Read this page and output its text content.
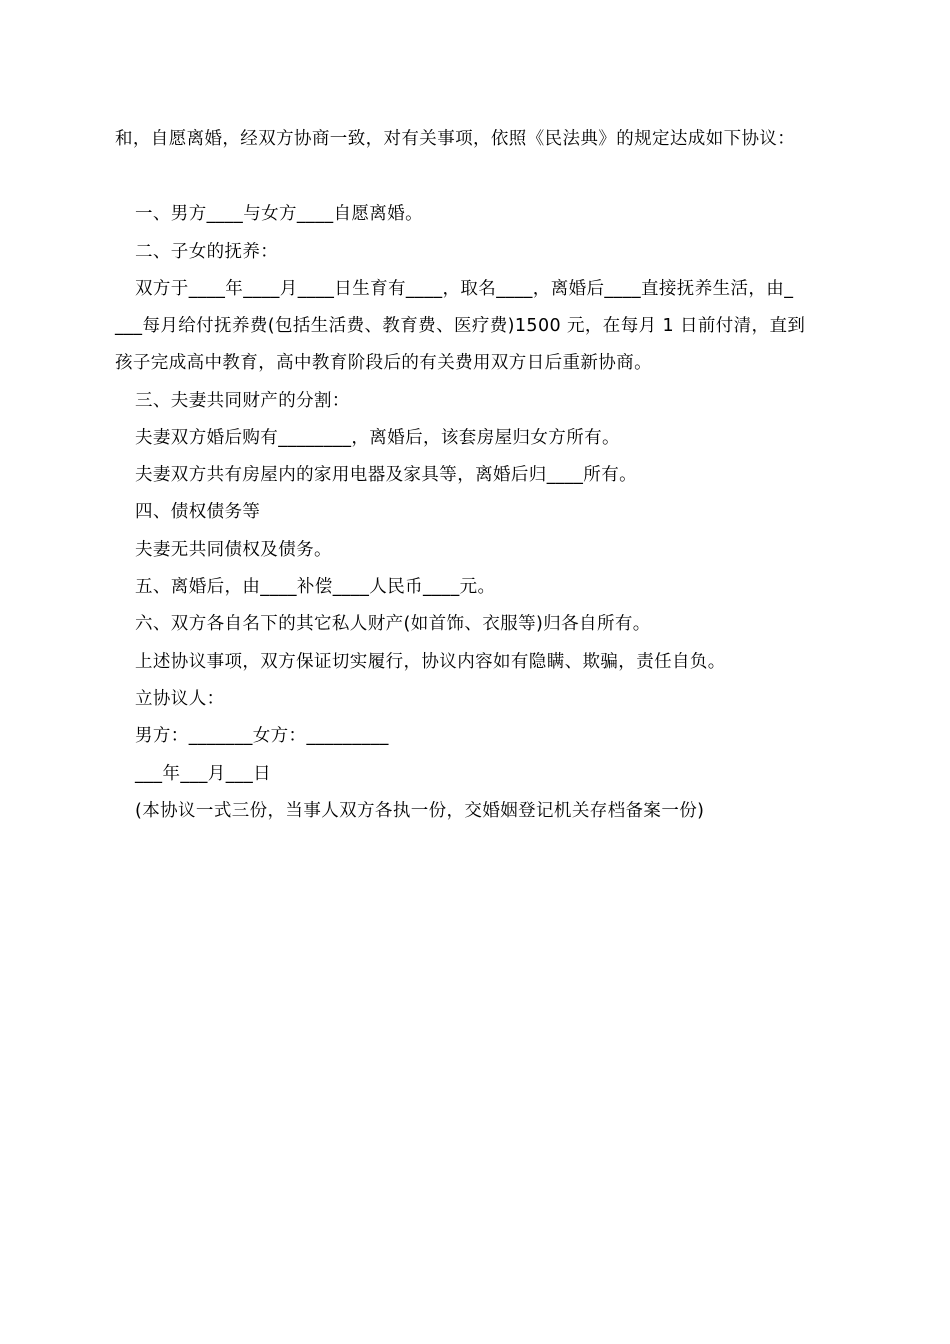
和，自愿离婚，经双方协商一致，对有关事项，依照《民法典》的规定达成如下协议：
一、男方____与女方____自愿离婚。
二、子女的抚养：
双方于____年____月____日生育有____，取名____，离婚后____直接抚养生活，由_
___每月给付抚养费(包括生活费、教育费、医疗费)1500 元，在每月 1 日前付清，直到
孩子完成高中教育，高中教育阶段后的有关费用双方日后重新协商。
三、夫妻共同财产的分割：
夫妻双方婚后购有________，离婚后，该套房屋归女方所有。
夫妻双方共有房屋内的家用电器及家具等，离婚后归____所有。
四、债权债务等
夫妻无共同债权及债务。
五、离婚后，由____补偿____人民币____元。
六、双方各自名下的其它私人财产(如首饰、衣服等)归各自所有。
上述协议事项，双方保证切实履行，协议内容如有隐瞒、欺骗，责任自负。
立协议人：
男方：_______女方：_________
___年___月___日
(本协议一式三份，当事人双方各执一份，交婚姻登记机关存档备案一份)
